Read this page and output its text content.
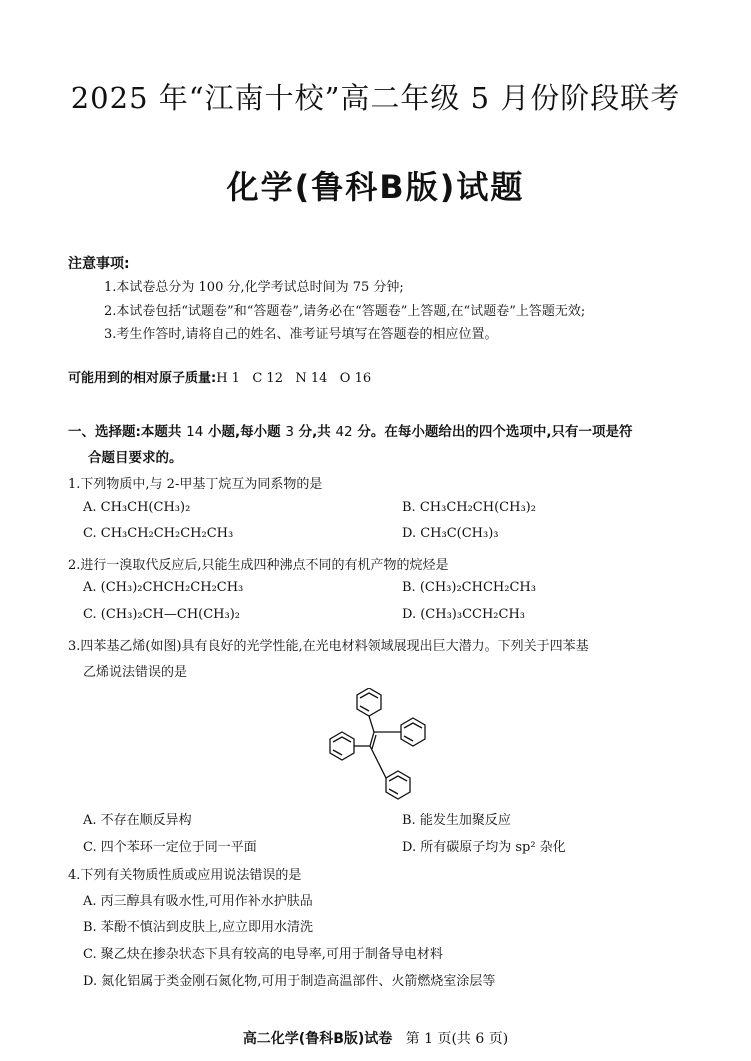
2025 年“江南十校”高二年级 5 月份阶段联考
化学(鲁科B版)试题
注意事项:
1.本试卷总分为 100 分,化学考试总时间为 75 分钟;
2.本试卷包括“试题卷”和“答题卷”,请务必在“答题卷”上答题,在“试题卷”上答题无效;
3.考生作答时,请将自己的姓名、准考证号填写在答题卷的相应位置。
可能用到的相对原子质量:H 1   C 12   N 14   O 16
一、选择题:本题共 14 小题,每小题 3 分,共 42 分。在每小题给出的四个选项中,只有一项是符
合题目要求的。
1.下列物质中,与 2-甲基丁烷互为同系物的是
A. CH₃CH(CH₃)₂	B. CH₃CH₂CH(CH₃)₂
C. CH₃CH₂CH₂CH₂CH₃	D. CH₃C(CH₃)₃
2.进行一溴取代反应后,只能生成四种沸点不同的有机产物的烷烃是
A. (CH₃)₂CHCH₂CH₂CH₃	B. (CH₃)₂CHCH₂CH₃
C. (CH₃)₂CH—CH(CH₃)₂	D. (CH₃)₃CCH₂CH₃
3.四苯基乙烯(如图)具有良好的光学性能,在光电材料领域展现出巨大潜力。下列关于四苯基
乙烯说法错误的是
A. 不存在顺反异构	B. 能发生加聚反应
C. 四个苯环一定位于同一平面	D. 所有碳原子均为 sp² 杂化
4.下列有关物质性质或应用说法错误的是
A. 丙三醇具有吸水性,可用作补水护肤品
B. 苯酚不慎沾到皮肤上,应立即用水清洗
C. 聚乙炔在掺杂状态下具有较高的电导率,可用于制备导电材料
D. 氮化铝属于类金刚石氮化物,可用于制造高温部件、火箭燃烧室涂层等
高二化学(鲁科B版)试卷 第 1 页(共 6 页)
